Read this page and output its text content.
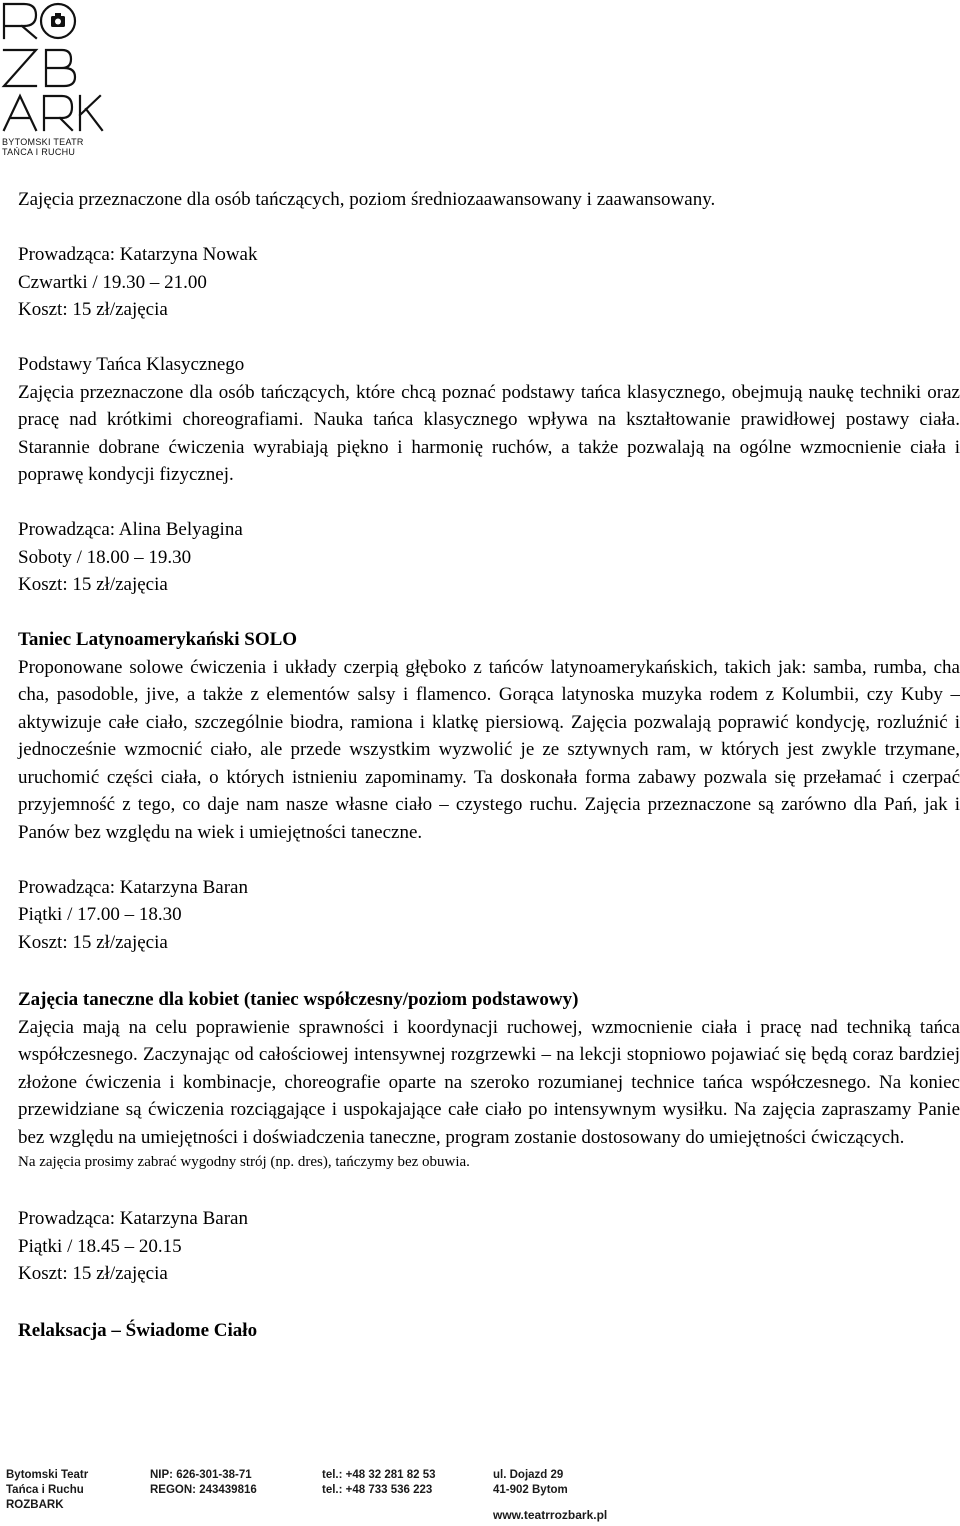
BYTOMSKI TEATR
TAŃCA I RUCHU

Zajęcia przeznaczone dla osób tańczących, poziom średniozaawansowany i zaawansowany.

Prowadząca: Katarzyna Nowak

Czwartki / 19.30 – 21.00

Koszt: 15 zł/zajęcia

Podstawy Tańca Klasycznego

Zajęcia przeznaczone dla osób tańczących, które chcą poznać podstawy tańca klasycznego, obejmują naukę techniki oraz pracę nad krótkimi choreografiami. Nauka tańca klasycznego wpływa na kształtowanie prawidłowej postawy ciała. Starannie dobrane ćwiczenia wyrabiają piękno i harmonię ruchów, a także pozwalają na ogólne wzmocnienie ciała i poprawę kondycji fizycznej.

Prowadząca: Alina Belyagina

Soboty / 18.00 – 19.30

Koszt: 15 zł/zajęcia

Taniec Latynoamerykański SOLO

Proponowane solowe ćwiczenia i układy czerpią głęboko z tańców latynoamerykańskich, takich jak: samba, rumba, cha cha, pasodoble, jive, a także z elementów salsy i flamenco. Gorąca latynoska muzyka rodem z Kolumbii, czy Kuby – aktywizuje całe ciało, szczególnie biodra, ramiona i klatkę piersiową. Zajęcia pozwalają poprawić kondycję, rozluźnić i jednocześnie wzmocnić ciało, ale przede wszystkim wyzwolić je ze sztywnych ram, w których jest zwykle trzymane, uruchomić części ciała, o których istnieniu zapominamy. Ta doskonała forma zabawy pozwala się przełamać i czerpać przyjemność z tego, co daje nam nasze własne ciało – czystego ruchu. Zajęcia przeznaczone są zarówno dla Pań, jak i Panów bez względu na wiek i umiejętności taneczne.

Prowadząca: Katarzyna Baran

Piątki / 17.00 – 18.30

Koszt: 15 zł/zajęcia

Zajęcia taneczne dla kobiet (taniec współczesny/poziom podstawowy)

Zajęcia mają na celu poprawienie sprawności i koordynacji ruchowej, wzmocnienie ciała i pracę nad techniką tańca współczesnego. Zaczynając od całościowej intensywnej rozgrzewki – na lekcji stopniowo pojawiać się będą coraz bardziej złożone ćwiczenia i kombinacje, choreografie oparte na szeroko rozumianej technice tańca współczesnego. Na koniec przewidziane są ćwiczenia rozciągające i uspokajające całe ciało po intensywnym wysiłku. Na zajęcia zapraszamy Panie bez względu na umiejętności i doświadczenia taneczne, program zostanie dostosowany do umiejętności ćwiczących.

Na zajęcia prosimy zabrać wygodny strój (np. dres), tańczymy bez obuwia.

Prowadząca: Katarzyna Baran

Piątki / 18.45 – 20.15

Koszt: 15 zł/zajęcia

Relaksacja – Świadome Ciało

Bytomski Teatr
Tańca i Ruchu
ROZBARK
NIP: 626-301-38-71
REGON: 243439816
tel.: +48 32 281 82 53
tel.: +48 733 536 223
ul. Dojazd 29
41-902 Bytom
www.teatrrozbark.pl
